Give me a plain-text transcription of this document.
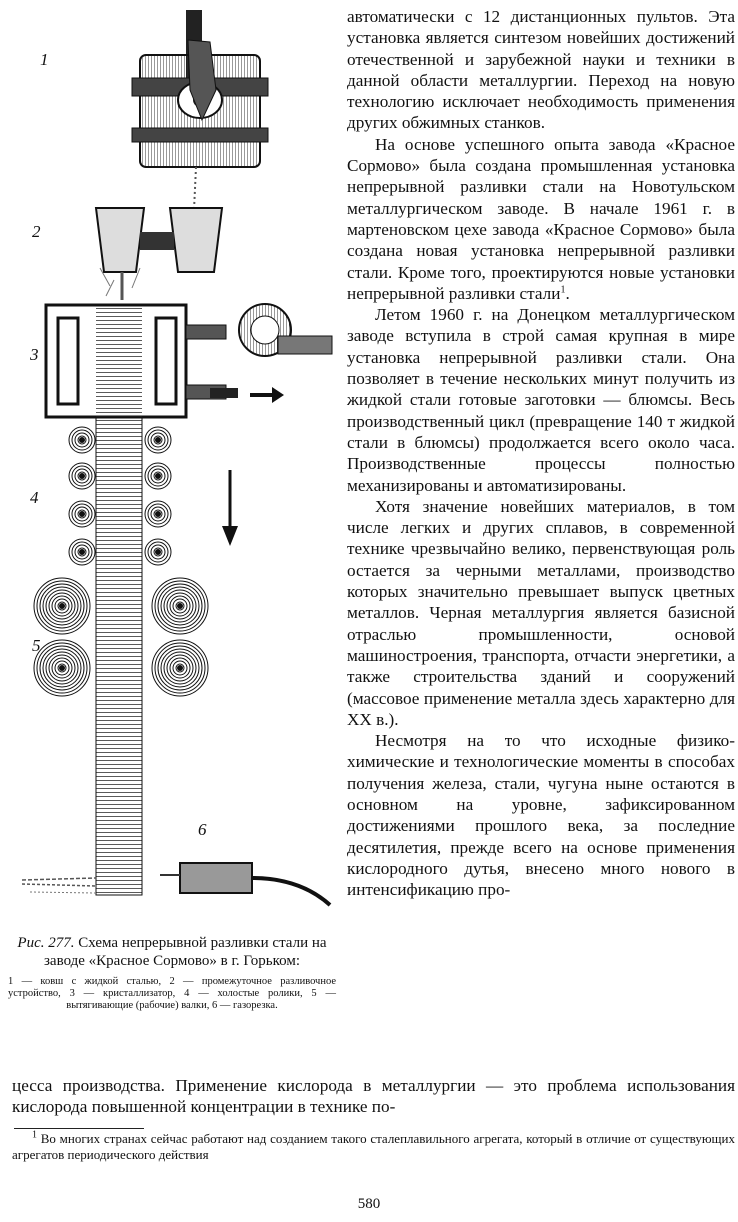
1
2
3
4
5
6

Рис. 277. Схема непрерывной разливки стали на заводе «Красное Сормово» в г. Горьком:

1 — ковш с жидкой сталью, 2 — промежуточное разливочное устройство, 3 — кристаллизатор, 4 — холостые ролики, 5 — вытягивающие (рабочие) валки, 6 — газорезка.

автоматически с 12 дистанционных пультов. Эта установка является синтезом новейших достижений отечественной и зарубежной науки и техники в данной области металлургии. Переход на новую технологию исключает необходимость применения других обжимных станков.

На основе успешного опыта завода «Красное Сормово» была создана промышленная установка непрерывной разливки стали на Новотульском металлургическом заводе. В начале 1961 г. в мартеновском цехе завода «Красное Сормово» была создана новая установка непрерывной разливки стали. Кроме того, проектируются новые установки непрерывной разливки стали$^1$.

Летом 1960 г. на Донецком металлургическом заводе вступила в строй самая крупная в мире установка непрерывной разливки стали. Она позволяет в течение нескольких минут получить из жидкой стали готовые заготовки — блюмсы. Весь производственный цикл (превращение 140 т жидкой стали в блюмсы) продолжается всего около часа. Производственные процессы полностью механизированы и автоматизированы.

Хотя значение новейших материалов, в том числе легких и других сплавов, в современной технике чрезвычайно велико, первенствующая роль остается за черными металлами, производство которых значительно превышает выпуск цветных металлов. Черная металлургия является базисной отраслью промышленности, основой машиностроения, транспорта, отчасти энергетики, а также строительства зданий и сооружений (массовое применение металла здесь характерно для XX в.).

Несмотря на то что исходные физико-химические и технологические моменты в способах получения железа, стали, чугуна ныне остаются в основном на уровне, зафиксированном достижениями прошлого века, за последние десятилетия, прежде всего на основе применения кислородного дутья, внесено много нового в интенсификацию про-

цесса производства. Применение кислорода в металлургии — это проблема использования кислорода повышенной концентрации в технике по-

$^1$ Во многих странах сейчас работают над созданием такого сталеплавильного агрегата, который в отличие от существующих агрегатов периодического действия

580
